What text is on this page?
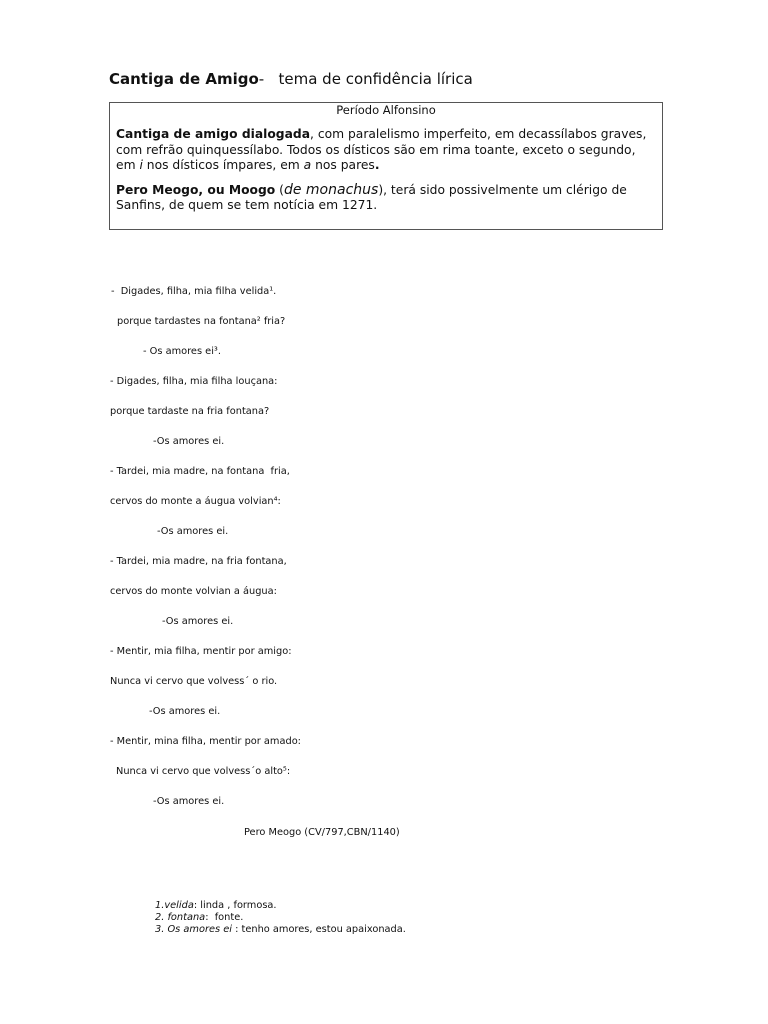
Cantiga de Amigo- tema de confidência lírica
Período Alfonsino

Cantiga de amigo dialogada, com paralelismo imperfeito, em decassílabos graves, com refrão quinquessílabo. Todos os dísticos são em rima toante, exceto o segundo, em i nos dísticos ímpares, em a nos pares.

Pero Meogo, ou Moogo (de monachus), terá sido possivelmente um clérigo de Sanfins, de quem se tem notícia em 1271.

-  Digades, filha, mia filha velida¹.
porque tardastes na fontana² fria?
- Os amores ei³.
- Digades, filha, mia filha louçana:
porque tardaste na fria fontana?
-Os amores ei.
- Tardei, mia madre, na fontana  fria,
cervos do monte a áugua volvian⁴:
-Os amores ei.
- Tardei, mia madre, na fria fontana,
cervos do monte volvian a áugua:
-Os amores ei.
- Mentir, mia filha, mentir por amigo:
Nunca vi cervo que volvess´ o rio.
-Os amores ei.
- Mentir, mina filha, mentir por amado:
Nunca vi cervo que volvess´o alto⁵:
-Os amores ei.
Pero Meogo (CV/797,CBN/1140)
1.velida: linda , formosa.
2. fontana:  fonte.
3. Os amores ei : tenho amores, estou apaixonada.
